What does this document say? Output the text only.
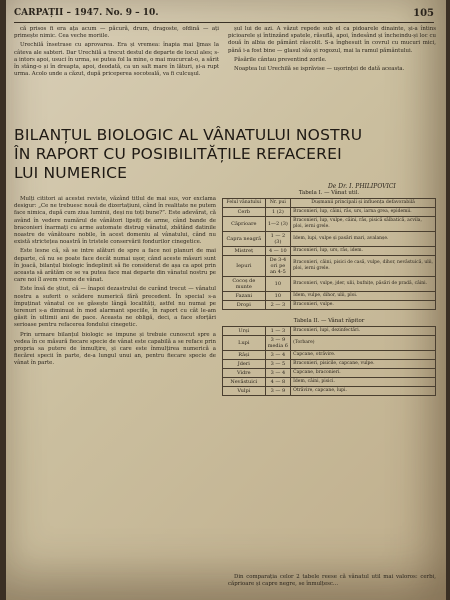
CARPAȚII – 1947. No. 9 – 10.	105

că prisos fi era ața acum — păcură, drum, dragoste, ofdină — ați primește nimic. Cea veche moriile.

Urechilă însetrase cu aprovarea. Era și vremea: înapia mai ljmas la câteva ale sabteri. Dar Urechilă a trecut destul de departe de locul ales; s-a intors apoi, usuci în urma, se putea fol la mine, o mai mucurcat-o, a sărit în stâng-o și în dreapta, apoi, deodată, ca un salt mare în lături, și-a rupt urma. Acolo unde a căzut, după priceperea socoteală, va fi culcuşul.

șul lui de azi. A văzut repede sub el ca pidoarele dinainte, și-a întins picioarele și întinzând spatele, răsuflă, apoi, îndesând și încheindu-și loc cu două în albia de pământ răscolit. S-a înghesuit în covrul cu mucuri mici, până i-a fost bine — glasul său și rogozul, mai la ramul pământului.

Păsările cântau preventind zorile.

Noaptea lui Urechilă se isprăvise — ușorinței de dată aceasta.

BILANȚUL BIOLOGIC AL VÂNATULUI NOSTRU
ÎN RAPORT CU POSIBILITĂȚILE REFACEREI
LUI NUMERICE
De Dr. I. PHILIPOVICI

Mulți cititori ai acestei reviste, văzând titlul de mai sus, vor exclama desigur: „Ce ne trebuesc nouă de dizertațiuni, când în realitate ne putem face nimica, după cum ziua luminii, deși nu toți bune?”. Este adevărat, că având în vedere numărul de vânători lipsiți de arme, când bande de braconieri înarmați cu arme automate distrug vânatul, zbătând datinile noastre de vânătoare nobile, în acest domeniu al vânatului, când nu există strictețea noastră în tristele conservării fondurilor cinegetice.

Este lesne că, să se intre alături de spre a face noi planuri de mai departe, că nu se poate face decât numai ușor, când aceste măsuri sunt în joacă, bilanțul biologic îndeplinit să fie considerat de așa ca apoi prin aceasta să arătăm ce se va putea face mai departe din vânatul nostru pe care noi îl avem vreme de vânat.

Este însă de știut, că — înapoi dezastrului de curând trecut — vânatul nostru a suferit o scădere numerică fără precedent. În special s-a împuținat vânatul ce se găsește lângă localități, astfel nu numai pe terenuri s-a diminuat în mod alarmant speciile, în raport cu cât le-am găsit în ultimii ani de pace. Aceasta ne obligă, deci, a face sforțări serioase pentru refacerea fondului cinegetic.

Prin urmare bilanțul biologic se impune și trebuie cunoscut spre a vedea în ce măsură fiecare specie de vânat este capabilă a se reface prin propria sa putere de înmulțire, și care este înmulțirea numerică a fiecărei specii în parte, de-a lungul unui an, pentru fiecare specie de vânat în parte.

Tabela I. — Vânat util.
Felul vânatului	Nr. pui	Dușmanii principali și influența defavorabilă
Cerb	1 (2)	Braconieri, lup, câini, râs, urs, iarna grea, epidemii.
Căprioare	1—2 (3)	Braconieri, lup, vulpe, câini, râs, pisică sălbatică, acvila, ploi, ierni grele.
Capra neagră	1 — 2 (3)	Idem, lupi, vulpe și pasări mari, avalanșe.
Mistreț	4 — 10	Braconieri, lup, urs, râs, idem.
Iepuri	De 3-4 ori pe an 4-5	Braconieri, câini, pisici de casă, vulpe, dihor, nevăstuică, ulii, ploi, ierni grele.
Cocoș de munte	10	Braconieri, vulpe, jder, ulii, bufnițe, păsări de pradă, câini.
Fazani	10	Idem, vulpe, dihor, ulii, ploi.
Dropi	2 — 3	Braconieri, vulpe.
Tabela II. — Vânat răpitor
Urși	1 — 3	Braconieri, lupi, dezinfectări.
Lupi	3 — 9 media 6	(Torbare)
Râși	3 — 4	Capcane, otrăvire.
Jderi	3 — 5	Braconieri, pisicile, capcane, vulpe.
Vidre	3 — 4	Capcane, braconieri.
Nevăstuici	4 — 8	Idem, câini, pisici.
Vulpi	3 — 9	Otrăvire, capcane, lupi.
Din comparația celor 2 tabele reese că vânatul util mai valoros: cerbi, căprioare și capre negre, se înmulțesc...
